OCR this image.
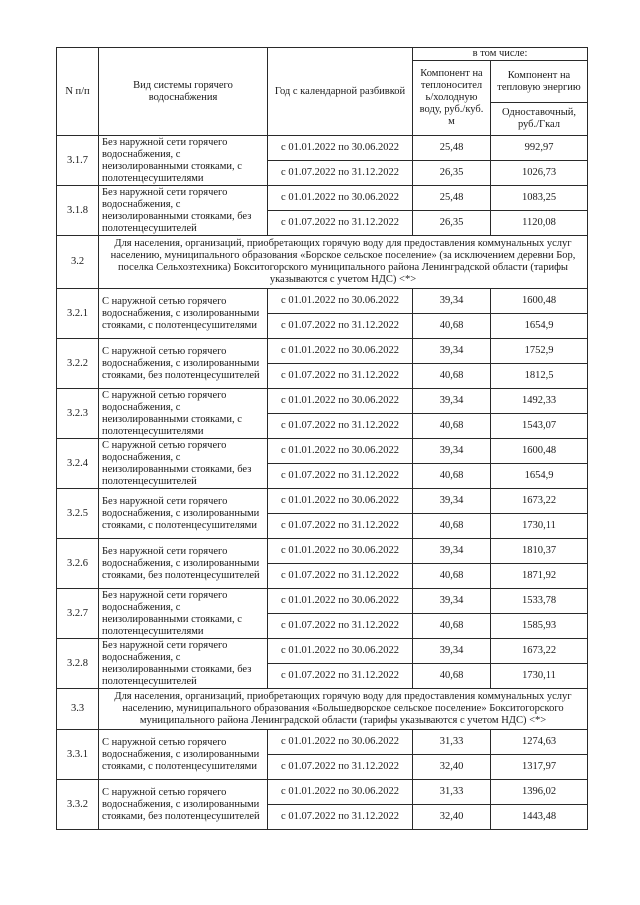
N п/п	Вид системы горячего водоснабжения	Год с календарной разбивкой	в том числе:	
			Компонент на теплоносител ь/холодную воду, руб./куб. м	Компонент на тепловую энергию
				Одноставочный, руб./Гкал
3.1.7	Без наружной сети горячего водоснабжения, с неизолированными стояками, с полотенцесушителями	с 01.01.2022 по 30.06.2022	25,48	992,97
		с 01.07.2022 по 31.12.2022	26,35	1026,73
3.1.8	Без наружной сети горячего водоснабжения, с неизолированными стояками, без полотенцесушителей	с 01.01.2022 по 30.06.2022	25,48	1083,25
		с 01.07.2022 по 31.12.2022	26,35	1120,08
3.2	Для населения, организаций, приобретающих горячую воду для предоставления коммунальных услуг населению, муниципального образования «Борское сельское поселение» (за исключением деревни Бор, поселка Сельхозтехника) Бокситогорского муниципального района Ленинградской области (тарифы указываются с учетом НДС) <*>			
3.2.1	С наружной сетью горячего водоснабжения, с изолированными стояками, с полотенцесушителями	с 01.01.2022 по 30.06.2022	39,34	1600,48
		с 01.07.2022 по 31.12.2022	40,68	1654,9
3.2.2	С наружной сетью горячего водоснабжения, с изолированными стояками, без полотенцесушителей	с 01.01.2022 по 30.06.2022	39,34	1752,9
		с 01.07.2022 по 31.12.2022	40,68	1812,5
3.2.3	С наружной сетью горячего водоснабжения, с неизолированными стояками, с полотенцесушителями	с 01.01.2022 по 30.06.2022	39,34	1492,33
		с 01.07.2022 по 31.12.2022	40,68	1543,07
3.2.4	С наружной сетью горячего водоснабжения, с неизолированными стояками, без полотенцесушителей	с 01.01.2022 по 30.06.2022	39,34	1600,48
		с 01.07.2022 по 31.12.2022	40,68	1654,9
3.2.5	Без наружной сети горячего водоснабжения, с изолированными стояками, с полотенцесушителями	с 01.01.2022 по 30.06.2022	39,34	1673,22
		с 01.07.2022 по 31.12.2022	40,68	1730,11
3.2.6	Без наружной сети горячего водоснабжения, с изолированными стояками, без полотенцесушителей	с 01.01.2022 по 30.06.2022	39,34	1810,37
		с 01.07.2022 по 31.12.2022	40,68	1871,92
3.2.7	Без наружной сети горячего водоснабжения, с неизолированными стояками, с полотенцесушителями	с 01.01.2022 по 30.06.2022	39,34	1533,78
		с 01.07.2022 по 31.12.2022	40,68	1585,93
3.2.8	Без наружной сети горячего водоснабжения, с неизолированными стояками, без полотенцесушителей	с 01.01.2022 по 30.06.2022	39,34	1673,22
		с 01.07.2022 по 31.12.2022	40,68	1730,11
3.3	Для населения, организаций, приобретающих горячую воду для предоставления коммунальных услуг населению, муниципального образования «Большедворское сельское поселение» Бокситогорского муниципального района Ленинградской области (тарифы указываются с учетом НДС) <*>			
3.3.1	С наружной сетью горячего водоснабжения, с изолированными стояками, с полотенцесушителями	с 01.01.2022 по 30.06.2022	31,33	1274,63
		с 01.07.2022 по 31.12.2022	32,40	1317,97
3.3.2	С наружной сетью горячего водоснабжения, с изолированными стояками, без полотенцесушителей	с 01.01.2022 по 30.06.2022	31,33	1396,02
		с 01.07.2022 по 31.12.2022	32,40	1443,48
